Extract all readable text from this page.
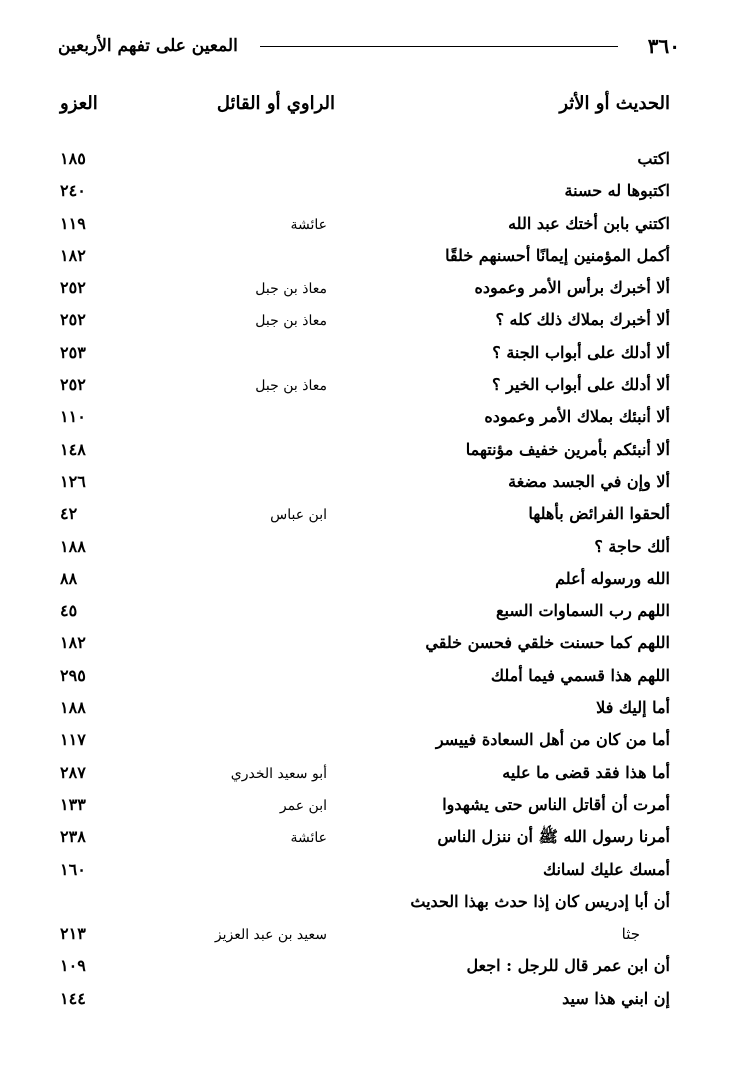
٣٦٠
المعين على تفهم الأربعين
الحديث أو الأثر
الراوي أو القائل
العزو
اكتب
١٨٥
اكتبوها له حسنة
٢٤٠
اكتني بابن أختك عبد الله
عائشة
١١٩
أكمل المؤمنين إيمانًا أحسنهم خلقًا
١٨٢
ألا أخبرك برأس الأمر وعموده
معاذ بن جبل
٢٥٢
ألا أخبرك بملاك ذلك كله ؟
معاذ بن جبل
٢٥٢
ألا أدلك على أبواب الجنة ؟
٢٥٣
ألا أدلك على أبواب الخير ؟
معاذ بن جبل
٢٥٢
ألا أنبئك بملاك الأمر وعموده
١١٠
ألا أنبئكم بأمرين خفيف مؤنتهما
١٤٨
ألا وإن في الجسد مضغة
١٢٦
ألحقوا الفرائض بأهلها
ابن عباس
٤٢
ألك حاجة ؟
١٨٨
الله ورسوله أعلم
٨٨
اللهم رب السماوات السبع
٤٥
اللهم كما حسنت خلقي فحسن خلقي
١٨٢
اللهم هذا قسمي فيما أملك
٢٩٥
أما إليك فلا
١٨٨
أما من كان من أهل السعادة فييسر
١١٧
أما هذا فقد قضى ما عليه
أبو سعيد الخدري
٢٨٧
أمرت أن أقاتل الناس حتى يشهدوا
ابن عمر
١٣٣
أمرنا رسول الله ﷺ أن ننزل الناس
عائشة
٢٣٨
أمسك عليك لسانك
١٦٠
أن أبا إدريس كان إذا حدث بهذا الحديث
جثا
سعيد بن عبد العزيز
٢١٣
أن ابن عمر قال للرجل : اجعل
١٠٩
إن ابني هذا سيد
١٤٤
